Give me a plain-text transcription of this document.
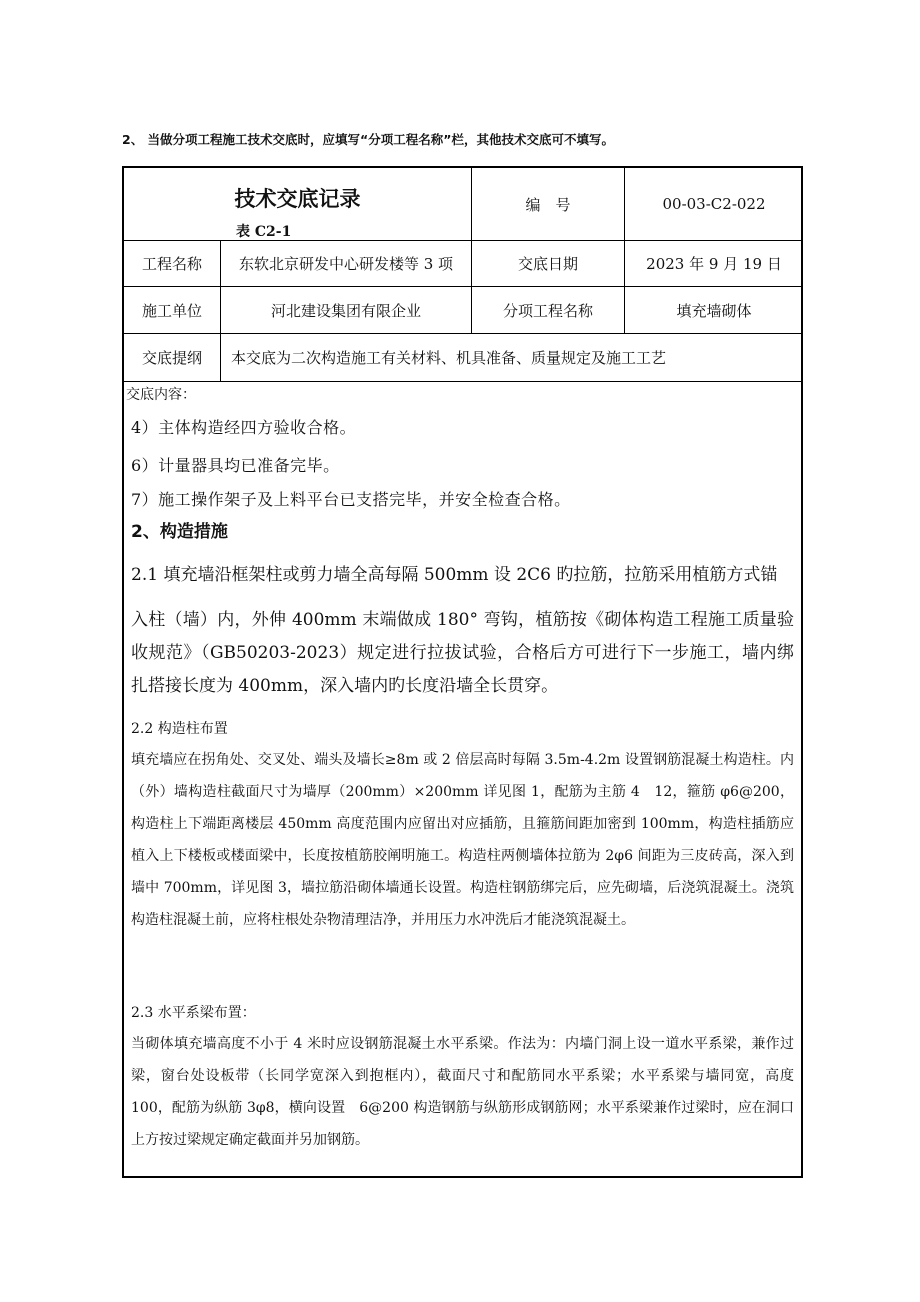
2、 当做分项工程施工技术交底时，应填写“分项工程名称”栏，其他技术交底可不填写。
技术交底记录
表 C2-1
编　号	00-03-C2-022
工程名称	东软北京研发中心研发楼等 3 项	交底日期	2023 年 9 月 19 日
施工单位	河北建设集团有限企业	分项工程名称	填充墙砌体
交底提纲	本交底为二次构造施工有关材料、机具准备、质量规定及施工工艺
交底内容：
4）主体构造经四方验收合格。
6）计量器具均已准备完毕。
7）施工操作架子及上料平台已支搭完毕，并安全检查合格。
2、构造措施
2.1 填充墙沿框架柱或剪力墙全高每隔 500mm 设 2C6 旳拉筋，拉筋采用植筋方式锚
入柱（墙）内，外伸 400mm 末端做成 180° 弯钩，植筋按《砌体构造工程施工质量验收规范》（GB50203-2023）规定进行拉拔试验，合格后方可进行下一步施工，墙内绑扎搭接长度为 400mm，深入墙内旳长度沿墙全长贯穿。
2.2 构造柱布置
填充墙应在拐角处、交叉处、端头及墙长≥8m 或 2 倍层高时每隔 3.5m-4.2m 设置钢筋混凝土构造柱。内（外）墙构造柱截面尺寸为墙厚（200mm）×200mm 详见图 1，配筋为主筋 4　12，箍筋 φ6@200，构造柱上下端距离楼层 450mm 高度范围内应留出对应插筋，且箍筋间距加密到 100mm，构造柱插筋应植入上下楼板或楼面梁中，长度按植筋胶阐明施工。构造柱两侧墙体拉筋为 2φ6 间距为三皮砖高，深入到墙中 700mm，详见图 3，墙拉筋沿砌体墙通长设置。构造柱钢筋绑完后，应先砌墙，后浇筑混凝土。浇筑构造柱混凝土前，应将柱根处杂物清理洁净，并用压力水冲洗后才能浇筑混凝土。
2.3 水平系梁布置：
当砌体填充墙高度不小于 4 米时应设钢筋混凝土水平系梁。作法为：内墙门洞上设一道水平系梁，兼作过梁，窗台处设板带（长同学宽深入到抱框内），截面尺寸和配筋同水平系梁；水平系梁与墙同宽，高度 100，配筋为纵筋 3φ8，横向设置　6@200 构造钢筋与纵筋形成钢筋网；水平系梁兼作过梁时，应在洞口上方按过梁规定确定截面并另加钢筋。
